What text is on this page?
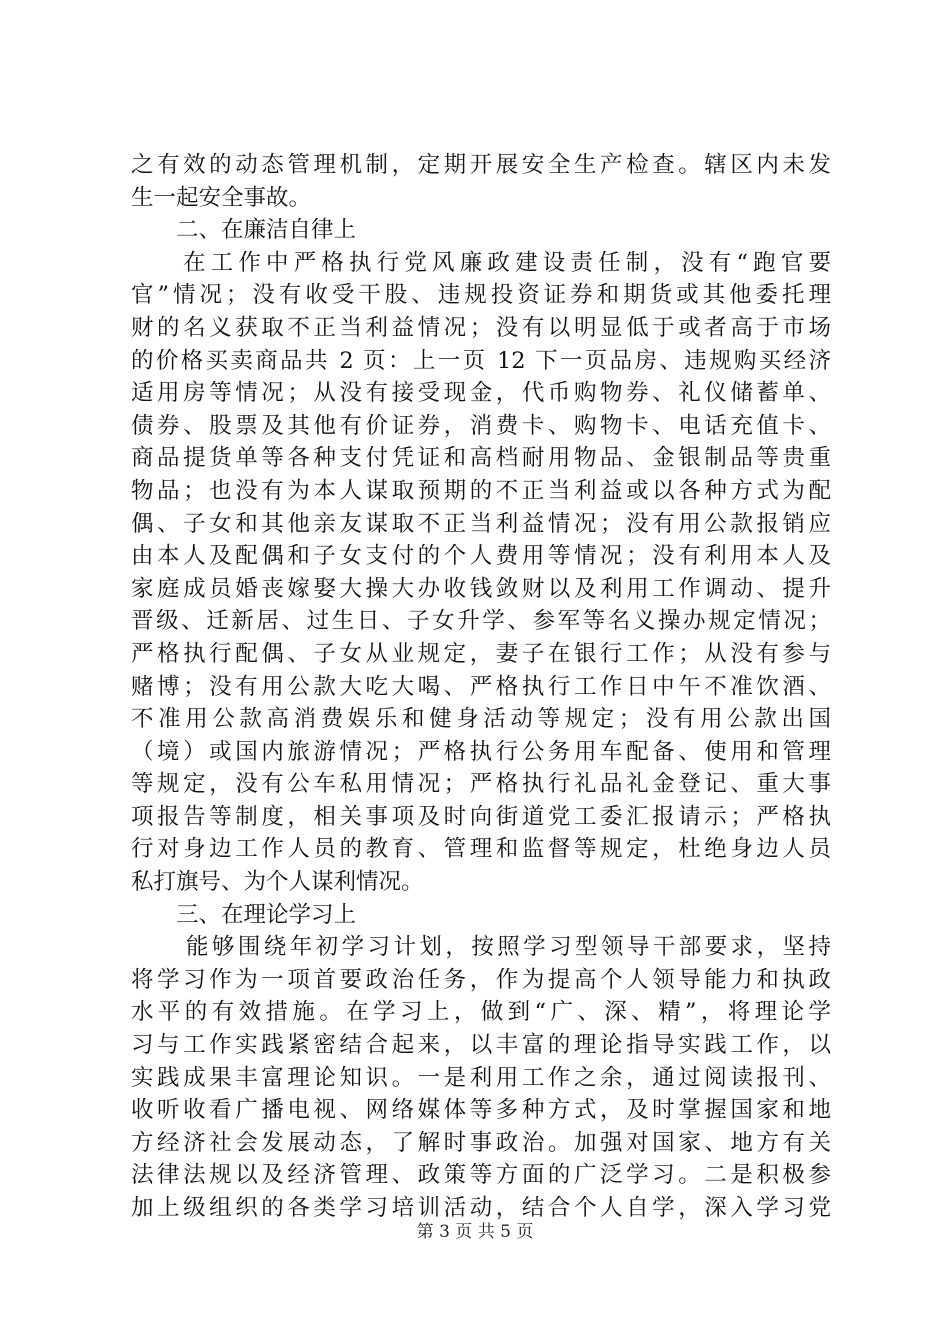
之有效的动态管理机制，定期开展安全生产检查。辖区内未发
生一起安全事故。
二、在廉洁自律上
在工作中严格执行党风廉政建设责任制，没有“跑官要
官”情况；没有收受干股、违规投资证券和期货或其他委托理
财的名义获取不正当利益情况；没有以明显低于或者高于市场
的价格买卖商品共 2 页：上一页 12 下一页品房、违规购买经济
适用房等情况；从没有接受现金，代币购物券、礼仪储蓄单、
债券、股票及其他有价证券，消费卡、购物卡、电话充值卡、
商品提货单等各种支付凭证和高档耐用物品、金银制品等贵重
物品；也没有为本人谋取预期的不正当利益或以各种方式为配
偶、子女和其他亲友谋取不正当利益情况；没有用公款报销应
由本人及配偶和子女支付的个人费用等情况；没有利用本人及
家庭成员婚丧嫁娶大操大办收钱敛财以及利用工作调动、提升
晋级、迁新居、过生日、子女升学、参军等名义操办规定情况；
严格执行配偶、子女从业规定，妻子在银行工作；从没有参与
赌博；没有用公款大吃大喝、严格执行工作日中午不准饮酒、
不准用公款高消费娱乐和健身活动等规定；没有用公款出国
（境）或国内旅游情况；严格执行公务用车配备、使用和管理
等规定，没有公车私用情况；严格执行礼品礼金登记、重大事
项报告等制度，相关事项及时向街道党工委汇报请示；严格执
行对身边工作人员的教育、管理和监督等规定，杜绝身边人员
私打旗号、为个人谋利情况。
三、在理论学习上
能够围绕年初学习计划，按照学习型领导干部要求，坚持
将学习作为一项首要政治任务，作为提高个人领导能力和执政
水平的有效措施。在学习上，做到“广、深、精”，将理论学
习与工作实践紧密结合起来，以丰富的理论指导实践工作，以
实践成果丰富理论知识。一是利用工作之余，通过阅读报刊、
收听收看广播电视、网络媒体等多种方式，及时掌握国家和地
方经济社会发展动态，了解时事政治。加强对国家、地方有关
法律法规以及经济管理、政策等方面的广泛学习。二是积极参
加上级组织的各类学习培训活动，结合个人自学，深入学习党
第 3 页 共 5 页
